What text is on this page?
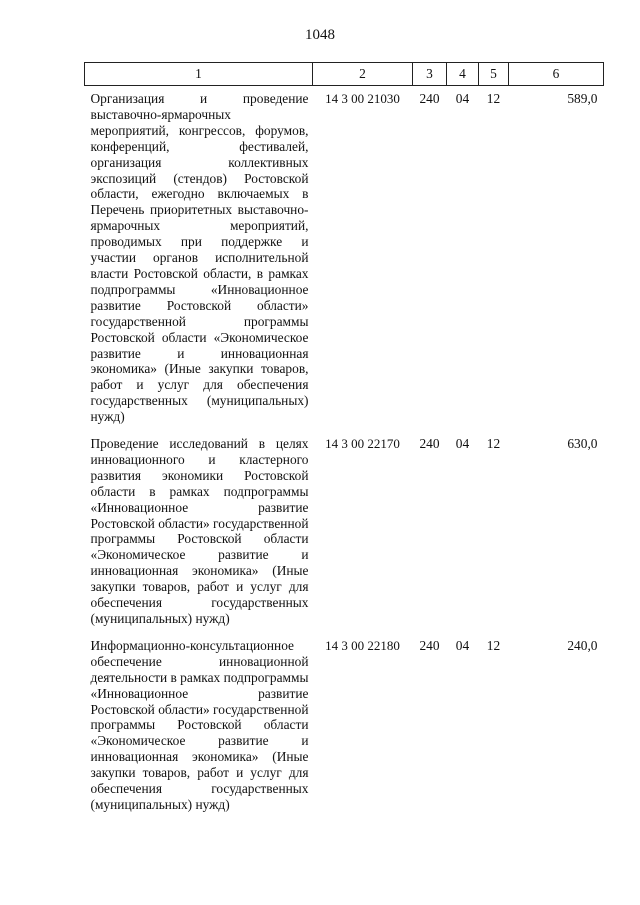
1048
1	2	3	4	5	6
Организация и проведение выставочно-ярмарочных мероприятий, конгрессов, форумов, конференций, фестивалей, организация коллективных экспозиций (стендов) Ростовской области, ежегодно включаемых в Перечень приоритетных выставочно-ярмарочных мероприятий, проводимых при поддержке и участии органов исполнительной власти Ростовской области, в рамках подпрограммы «Инновационное развитие Ростовской области» государственной программы Ростовской области «Экономическое развитие и инновационная экономика» (Иные закупки товаров, работ и услуг для обеспечения государственных (муниципальных) нужд)	14 3 00 21030	240	04	12	589,0
Проведение исследований в целях инновационного и кластерного развития экономики Ростовской области в рамках подпрограммы «Инновационное развитие Ростовской области» государственной программы Ростовской области «Экономическое развитие и инновационная экономика» (Иные закупки товаров, работ и услуг для обеспечения государственных (муниципальных) нужд)	14 3 00 22170	240	04	12	630,0
Информационно-консультационное обеспечение инновационной деятельности в рамках подпрограммы «Инновационное развитие Ростовской области» государственной программы Ростовской области «Экономическое развитие и инновационная экономика» (Иные закупки товаров, работ и услуг для обеспечения государственных (муниципальных) нужд)	14 3 00 22180	240	04	12	240,0
